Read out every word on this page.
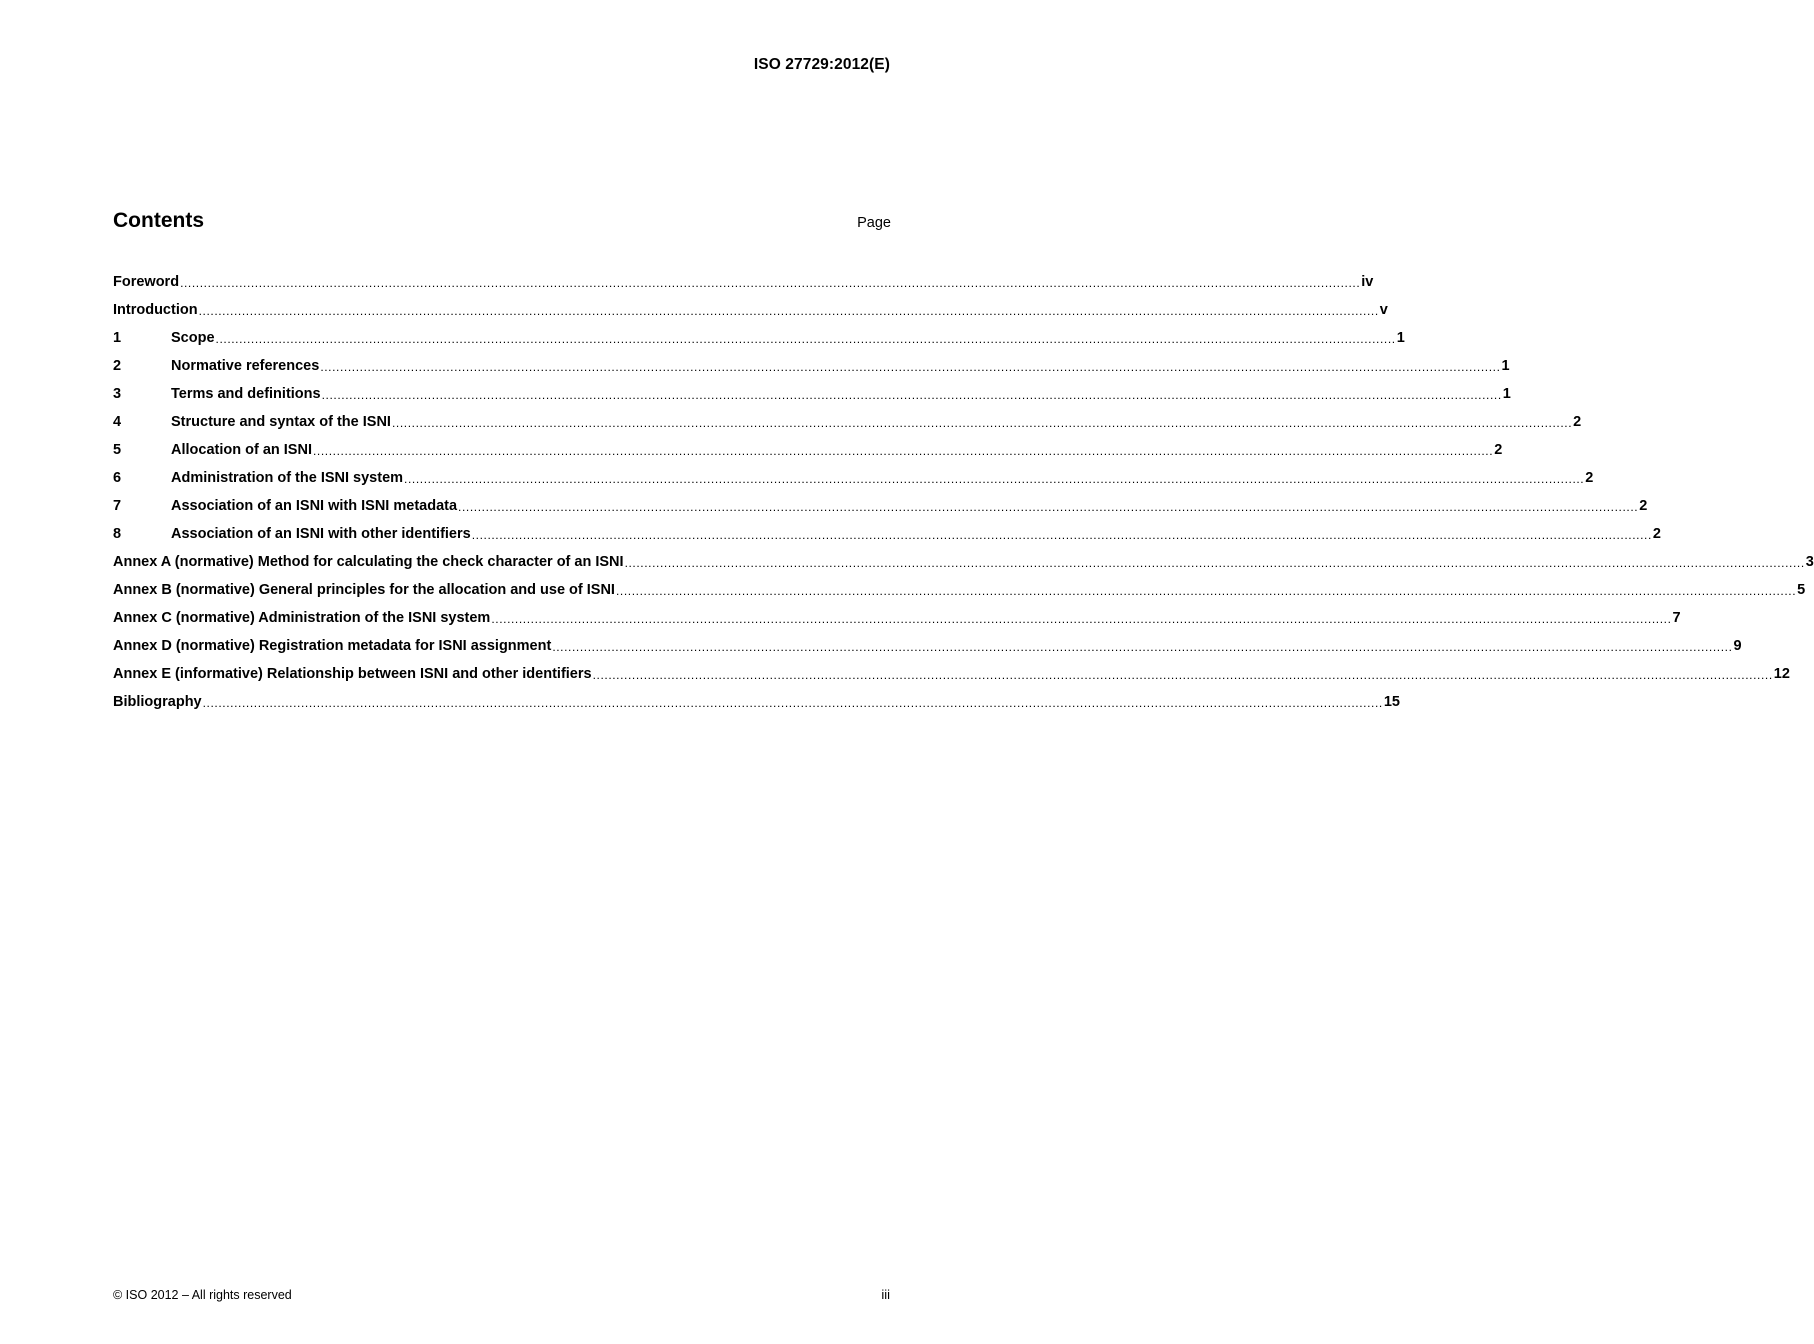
ISO 27729:2012(E)
Contents	Page
Foreword ............................................................................................................................................................................................................................................................................................................ iv
Introduction ............................................................................................................................................................................................................................................................................................................ v
1	Scope ............................................................................................................................................................................................................................................................................................................ 1
2	Normative references ............................................................................................................................................................................................................................................................................................................ 1
3	Terms and definitions ............................................................................................................................................................................................................................................................................................................ 1
4	Structure and syntax of the ISNI ............................................................................................................................................................................................................................................................................................................ 2
5	Allocation of an ISNI ............................................................................................................................................................................................................................................................................................................ 2
6	Administration of the ISNI system ............................................................................................................................................................................................................................................................................................................ 2
7	Association of an ISNI with ISNI metadata ............................................................................................................................................................................................................................................................................................................ 2
8	Association of an ISNI with other identifiers ............................................................................................................................................................................................................................................................................................................ 2
Annex A (normative) Method for calculating the check character of an ISNI ............................................................................................................................................................................................................................................................................................................ 3
Annex B (normative) General principles for the allocation and use of ISNI ............................................................................................................................................................................................................................................................................................................ 5
Annex C (normative) Administration of the ISNI system ............................................................................................................................................................................................................................................................................................................ 7
Annex D (normative) Registration metadata for ISNI assignment ............................................................................................................................................................................................................................................................................................................ 9
Annex E (informative) Relationship between ISNI and other identifiers ............................................................................................................................................................................................................................................................................................................ 12
Bibliography ............................................................................................................................................................................................................................................................................................................ 15
© ISO 2012 – All rights reserved	iii
